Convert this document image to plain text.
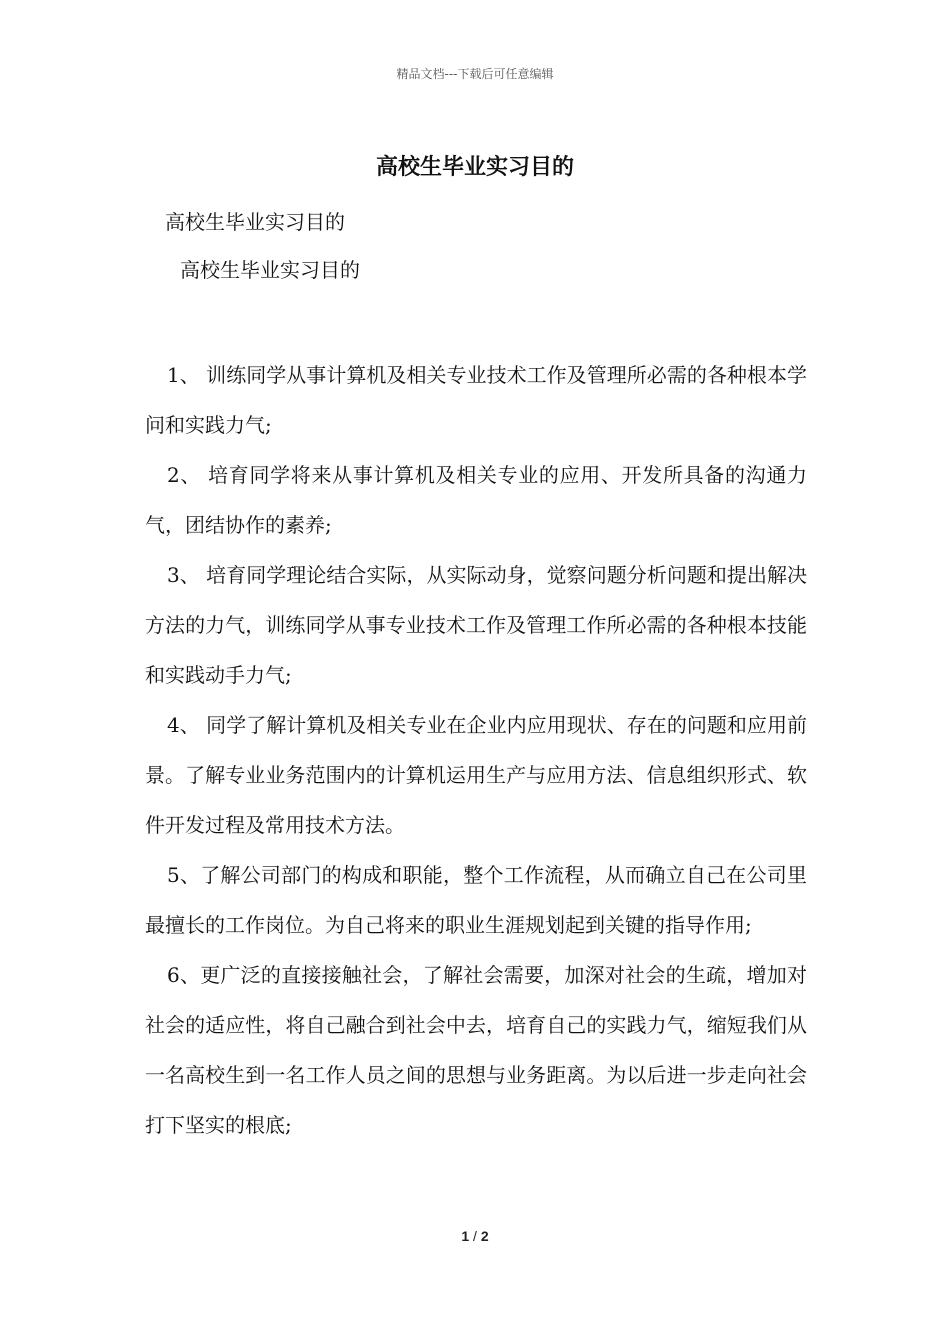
精品文档---下载后可任意编辑
高校生毕业实习目的
高校生毕业实习目的
高校生毕业实习目的

1、 训练同学从事计算机及相关专业技术工作及管理所必需的各种根本学问和实践力气;

2、 培育同学将来从事计算机及相关专业的应用、开发所具备的沟通力气，团结协作的素养;

3、 培育同学理论结合实际，从实际动身，觉察问题分析问题和提出解决方法的力气，训练同学从事专业技术工作及管理工作所必需的各种根本技能和实践动手力气;

4、 同学了解计算机及相关专业在企业内应用现状、存在的问题和应用前景。了解专业业务范围内的计算机运用生产与应用方法、信息组织形式、软件开发过程及常用技术方法。

5、了解公司部门的构成和职能，整个工作流程，从而确立自己在公司里最擅长的工作岗位。为自己将来的职业生涯规划起到关键的指导作用;

6、更广泛的直接接触社会，了解社会需要，加深对社会的生疏，增加对社会的适应性，将自己融合到社会中去，培育自己的实践力气，缩短我们从一名高校生到一名工作人员之间的思想与业务距离。为以后进一步走向社会打下坚实的根底;

1 / 2
